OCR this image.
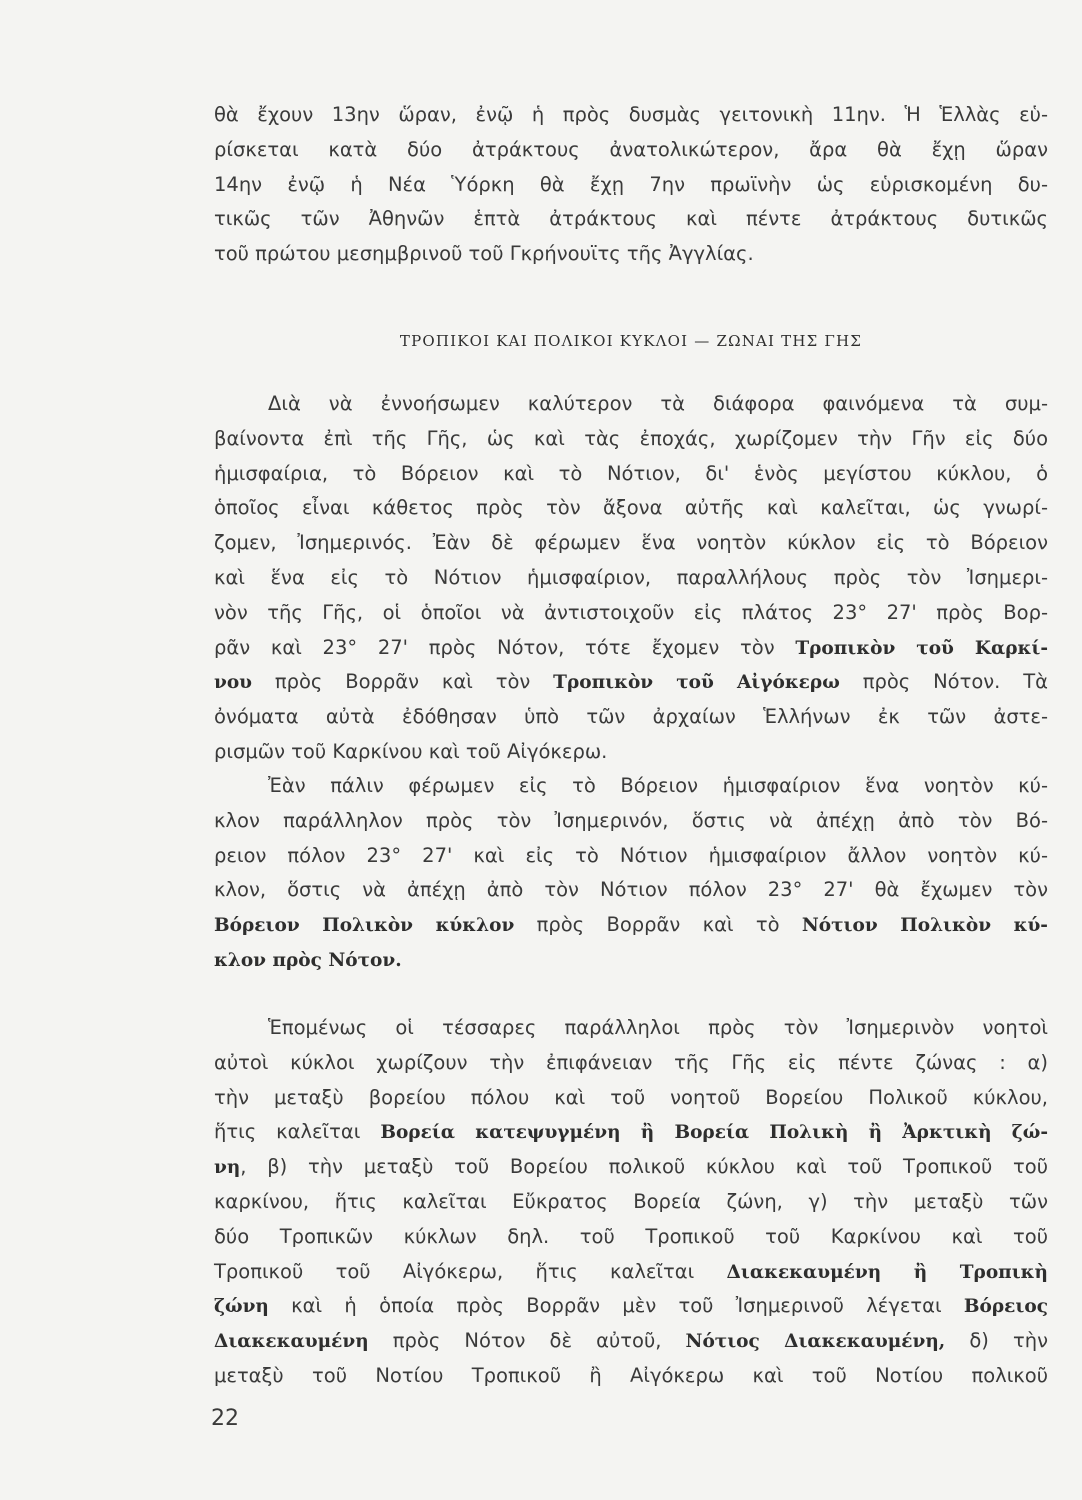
θὰ ἔχουν 13ην ὥραν, ἐνῷ ἡ πρὸς δυσμὰς γειτονικὴ 11ην. Ἡ Ἑλλὰς εὑ-
ρίσκεται κατὰ δύο ἀτράκτους ἀνατολικώτερον, ἄρα θὰ ἔχῃ ὥραν
14ην ἐνῷ ἡ Νέα Ὑόρκη θὰ ἔχῃ 7ην πρωϊνὴν ὡς εὑρισκομένη δυ-
τικῶς τῶν Ἀθηνῶν ἑπτὰ ἀτράκτους καὶ πέντε ἀτράκτους δυτικῶς
τοῦ πρώτου μεσημβρινοῦ τοῦ Γκρήνουϊτς τῆς Ἀγγλίας.
ΤΡΟΠΙΚΟΙ ΚΑΙ ΠΟΛΙΚΟΙ ΚΥΚΛΟΙ — ΖΩΝΑΙ ΤΗΣ ΓΗΣ
Διὰ νὰ ἐννοήσωμεν καλύτερον τὰ διάφορα φαινόμενα τὰ συμ-
βαίνοντα ἐπὶ τῆς Γῆς, ὡς καὶ τὰς ἐποχάς, χωρίζομεν τὴν Γῆν εἰς δύο
ἡμισφαίρια, τὸ Βόρειον καὶ τὸ Νότιον, δι' ἑνὸς μεγίστου κύκλου, ὁ
ὁποῖος εἶναι κάθετος πρὸς τὸν ἄξονα αὐτῆς καὶ καλεῖται, ὡς γνωρί-
ζομεν, Ἰσημερινός. Ἐὰν δὲ φέρωμεν ἕνα νοητὸν κύκλον εἰς τὸ Βόρειον
καὶ ἕνα εἰς τὸ Νότιον ἡμισφαίριον, παραλλήλους πρὸς τὸν Ἰσημερι-
νὸν τῆς Γῆς, οἱ ὁποῖοι νὰ ἀντιστοιχοῦν εἰς πλάτος 23° 27' πρὸς Βορ-
ρᾶν καὶ 23° 27' πρὸς Νότον, τότε ἔχομεν τὸν Τροπικὸν τοῦ Καρκί-
νου πρὸς Βορρᾶν καὶ τὸν Τροπικὸν τοῦ Αἰγόκερω πρὸς Νότον. Τὰ
ὀνόματα αὐτὰ ἐδόθησαν ὑπὸ τῶν ἀρχαίων Ἑλλήνων ἐκ τῶν ἀστε-
ρισμῶν τοῦ Καρκίνου καὶ τοῦ Αἰγόκερω.
Ἐὰν πάλιν φέρωμεν εἰς τὸ Βόρειον ἡμισφαίριον ἕνα νοητὸν κύ-
κλον παράλληλον πρὸς τὸν Ἰσημερινόν, ὅστις νὰ ἀπέχῃ ἀπὸ τὸν Βό-
ρειον πόλον 23° 27' καὶ εἰς τὸ Νότιον ἡμισφαίριον ἄλλον νοητὸν κύ-
κλον, ὅστις νὰ ἀπέχῃ ἀπὸ τὸν Νότιον πόλον 23° 27' θὰ ἔχωμεν τὸν
Βόρειον Πολικὸν κύκλον πρὸς Βορρᾶν καὶ τὸ Νότιον Πολικὸν κύ-
κλον πρὸς Νότον.
Ἑπομένως οἱ τέσσαρες παράλληλοι πρὸς τὸν Ἰσημερινὸν νοητοὶ
αὐτοὶ κύκλοι χωρίζουν τὴν ἐπιφάνειαν τῆς Γῆς εἰς πέντε ζώνας : α)
τὴν μεταξὺ βορείου πόλου καὶ τοῦ νοητοῦ Βορείου Πολικοῦ κύκλου,
ἥτις καλεῖται Βορεία κατεψυγμένη ἢ Βορεία Πολικὴ ἢ Ἀρκτικὴ ζώ-
νη, β) τὴν μεταξὺ τοῦ Βορείου πολικοῦ κύκλου καὶ τοῦ Τροπικοῦ τοῦ
καρκίνου, ἥτις καλεῖται Εὔκρατος Βορεία ζώνη, γ) τὴν μεταξὺ τῶν
δύο Τροπικῶν κύκλων δηλ. τοῦ Τροπικοῦ τοῦ Καρκίνου καὶ τοῦ
Τροπικοῦ τοῦ Αἰγόκερω, ἥτις καλεῖται Διακεκαυμένη ἢ Τροπικὴ
ζώνη καὶ ἡ ὁποία πρὸς Βορρᾶν μὲν τοῦ Ἰσημερινοῦ λέγεται Βόρειος
Διακεκαυμένη πρὸς Νότον δὲ αὐτοῦ, Νότιος Διακεκαυμένη, δ) τὴν
μεταξὺ τοῦ Νοτίου Τροπικοῦ ἢ Αἰγόκερω καὶ τοῦ Νοτίου πολικοῦ
22
